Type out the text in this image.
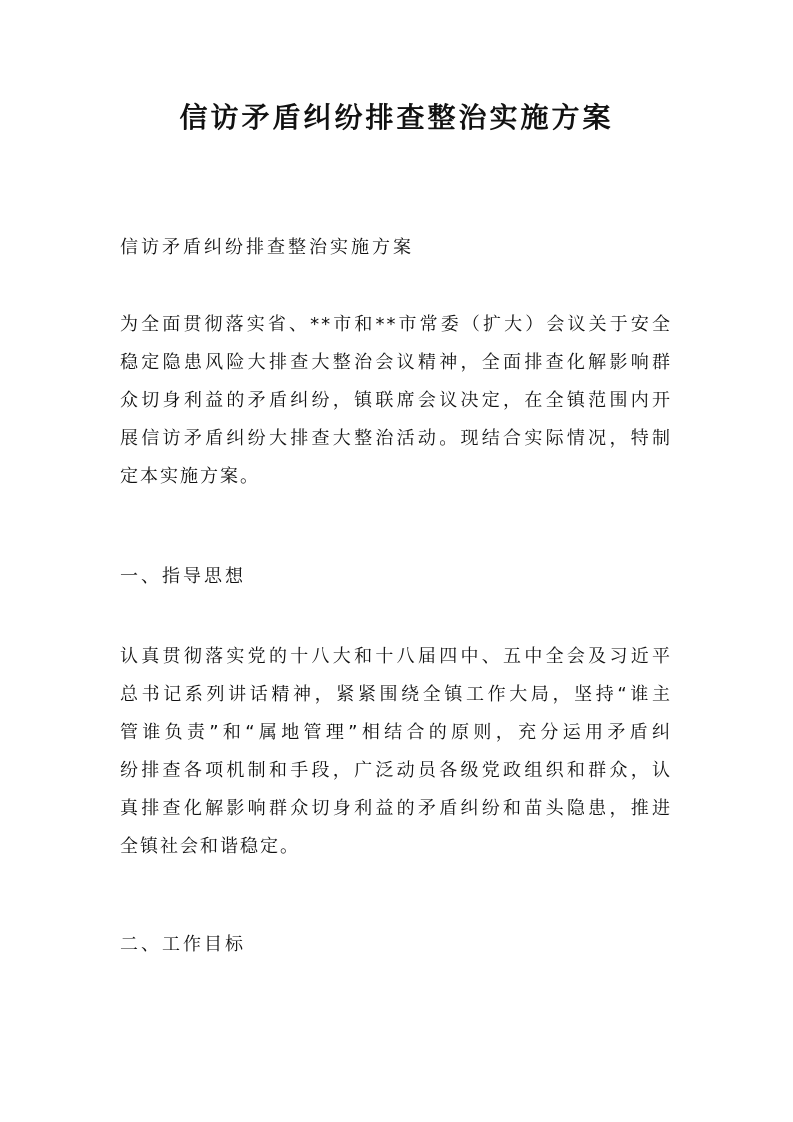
信访矛盾纠纷排查整治实施方案

信访矛盾纠纷排查整治实施方案

为全面贯彻落实省、**市和**市常委（扩大）会议关于安全
稳定隐患风险大排查大整治会议精神，全面排查化解影响群
众切身利益的矛盾纠纷，镇联席会议决定，在全镇范围内开
展信访矛盾纠纷大排查大整治活动。现结合实际情况，特制
定本实施方案。

一、指导思想

认真贯彻落实党的十八大和十八届四中、五中全会及习近平
总书记系列讲话精神，紧紧围绕全镇工作大局，坚持“谁主
管谁负责”和“属地管理”相结合的原则，充分运用矛盾纠
纷排查各项机制和手段，广泛动员各级党政组织和群众，认
真排查化解影响群众切身利益的矛盾纠纷和苗头隐患，推进
全镇社会和谐稳定。

二、工作目标
